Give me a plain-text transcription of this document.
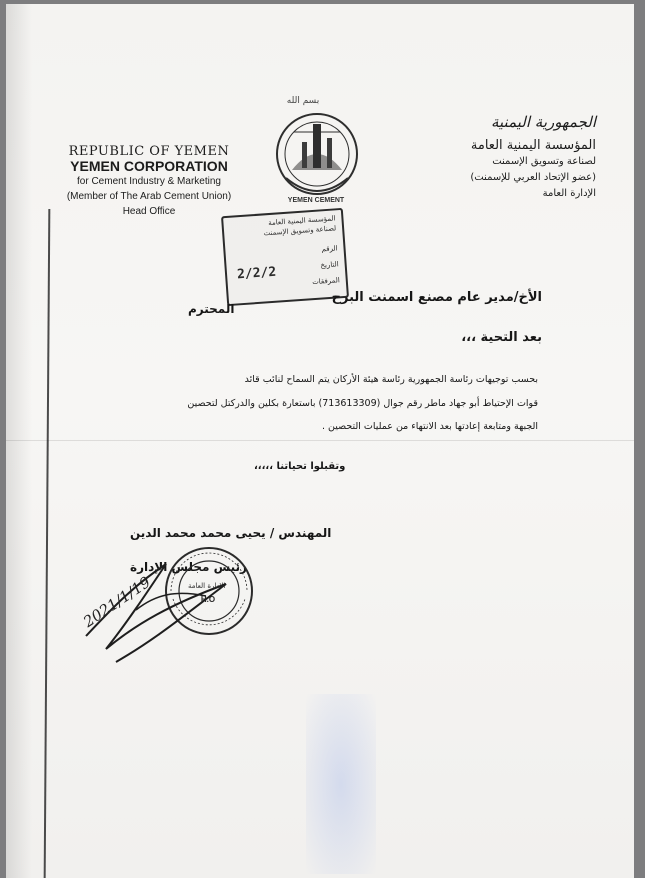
REPUBLIC OF YEMEN
YEMEN CORPORATION
for Cement Industry & Marketing
(Member of The Arab Cement Union)
Head Office
الجمهورية اليمنية
المؤسسة اليمنية العامة
لصناعة وتسويق الإسمنت
(عضو الإتحاد العربي للإسمنت)
الإدارة العامة
بسم الله
YEMEN CEMENT
المؤسسة اليمنية العامة
لصناعة وتسويق الإسمنت
الرقم
التاريخ
المرفقات
2/2/2
الأخ/مدير عام مصنع اسمنت البرح
المحترم
بعد التحية ،،،
بحسب توجيهات رئاسة الجمهورية رئاسة هيئة الأركان يتم السماح لنائب قائد
قوات الإحتياط أبو جهاد ماطر رقم جوال (713613309) باستعارة بكلين والدركتل لتحصين
الجبهة ومتابعة إعادتها بعد الانتهاء من عمليات التحصين .
وتقبلوا تحياتنا ،،،،،
المهندس / يحيى محمد محمد الدين
رئيس مجلس الإدارة
H.O
الإدارة العامة
2021/1/19
